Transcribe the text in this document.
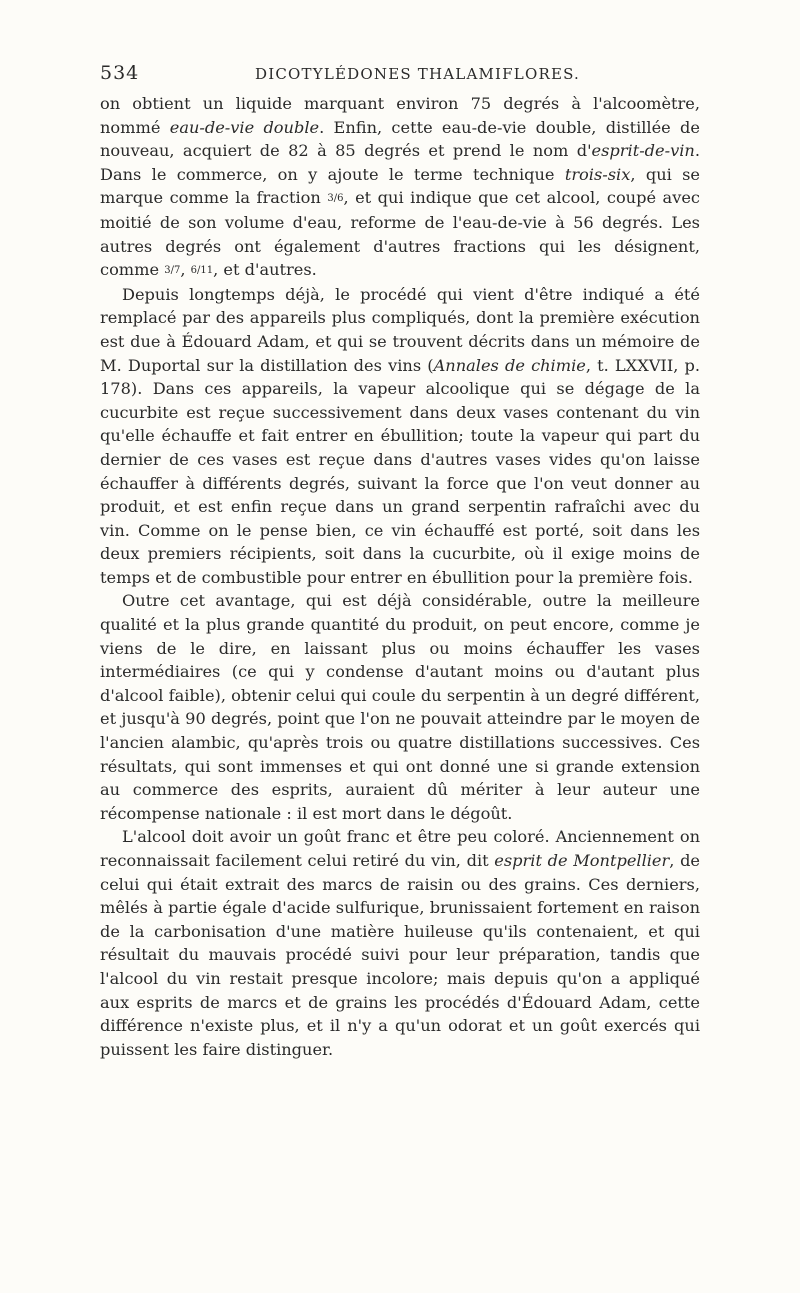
534	DICOTYLÉDONES THALAMIFLORES.

on obtient un liquide marquant environ 75 degrés à l'alcoomètre, nommé eau-de-vie double. Enfin, cette eau-de-vie double, distillée de nouveau, acquiert de 82 à 85 degrés et prend le nom d'esprit-de-vin. Dans le commerce, on y ajoute le terme technique trois-six, qui se marque comme la fraction 3/6, et qui indique que cet alcool, coupé avec moitié de son volume d'eau, reforme de l'eau-de-vie à 56 degrés. Les autres degrés ont également d'autres fractions qui les désignent, comme 3/7, 6/11, et d'autres.

Depuis longtemps déjà, le procédé qui vient d'être indiqué a été remplacé par des appareils plus compliqués, dont la première exécution est due à Édouard Adam, et qui se trouvent décrits dans un mémoire de M. Duportal sur la distillation des vins (Annales de chimie, t. LXXVII, p. 178). Dans ces appareils, la vapeur alcoolique qui se dégage de la cucurbite est reçue successivement dans deux vases contenant du vin qu'elle échauffe et fait entrer en ébullition; toute la vapeur qui part du dernier de ces vases est reçue dans d'autres vases vides qu'on laisse échauffer à différents degrés, suivant la force que l'on veut donner au produit, et est enfin reçue dans un grand serpentin rafraîchi avec du vin. Comme on le pense bien, ce vin échauffé est porté, soit dans les deux premiers récipients, soit dans la cucurbite, où il exige moins de temps et de combustible pour entrer en ébullition pour la première fois.

Outre cet avantage, qui est déjà considérable, outre la meilleure qualité et la plus grande quantité du produit, on peut encore, comme je viens de le dire, en laissant plus ou moins échauffer les vases intermédiaires (ce qui y condense d'autant moins ou d'autant plus d'alcool faible), obtenir celui qui coule du serpentin à un degré différent, et jusqu'à 90 degrés, point que l'on ne pouvait atteindre par le moyen de l'ancien alambic, qu'après trois ou quatre distillations successives. Ces résultats, qui sont immenses et qui ont donné une si grande extension au commerce des esprits, auraient dû mériter à leur auteur une récompense nationale : il est mort dans le dégoût.

L'alcool doit avoir un goût franc et être peu coloré. Anciennement on reconnaissait facilement celui retiré du vin, dit esprit de Montpellier, de celui qui était extrait des marcs de raisin ou des grains. Ces derniers, mêlés à partie égale d'acide sulfurique, brunissaient fortement en raison de la carbonisation d'une matière huileuse qu'ils contenaient, et qui résultait du mauvais procédé suivi pour leur préparation, tandis que l'alcool du vin restait presque incolore; mais depuis qu'on a appliqué aux esprits de marcs et de grains les procédés d'Édouard Adam, cette différence n'existe plus, et il n'y a qu'un odorat et un goût exercés qui puissent les faire distinguer.
